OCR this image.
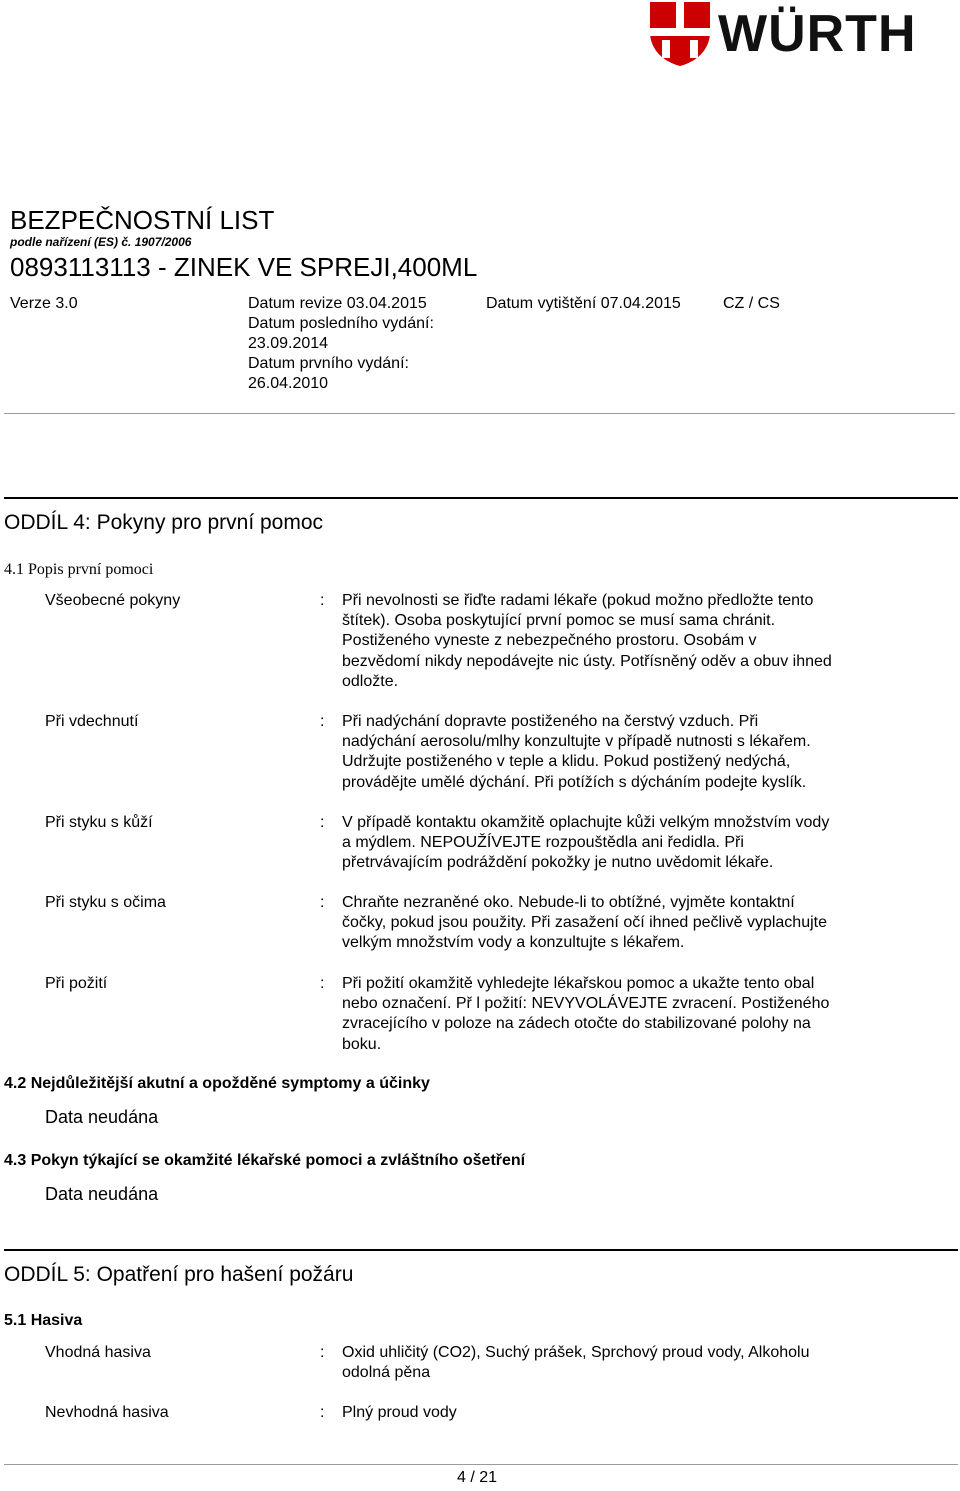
WÜRTH
BEZPEČNOSTNÍ LIST
podle nařízení (ES) č. 1907/2006
0893113113 - ZINEK VE SPREJI,400ML
Verze 3.0	Datum revize 03.04.2015
Datum posledního vydání:
23.09.2014
Datum prvního vydání:
26.04.2010
Datum vytištění 07.04.2015	CZ / CS
ODDÍL 4: Pokyny pro první pomoc
4.1 Popis první pomoci
Všeobecné pokyny	: Při nevolnosti se řiďte radami lékaře (pokud možno předložte tento
štítek). Osoba poskytující první pomoc se musí sama chránit.
Postiženého vyneste z nebezpečného prostoru. Osobám v
bezvědomí nikdy nepodávejte nic ústy. Potřísněný oděv a obuv ihned
odložte.
Při vdechnutí	: Při nadýchání dopravte postiženého na čerstvý vzduch. Při
nadýchání aerosolu/mlhy konzultujte v případě nutnosti s lékařem.
Udržujte postiženého v teple a klidu. Pokud postižený nedýchá,
provádějte umělé dýchání. Při potížích s dýcháním podejte kyslík.
Při styku s kůží	: V případě kontaktu okamžitě oplachujte kůži velkým množstvím vody
a mýdlem. NEPOUŽÍVEJTE rozpouštědla ani ředidla. Při
přetrvávajícím podráždění pokožky je nutno uvědomit lékaře.
Při styku s očima	: Chraňte nezraněné oko. Nebude-li to obtížné, vyjměte kontaktní
čočky, pokud jsou použity. Při zasažení očí ihned pečlivě vyplachujte
velkým množstvím vody a konzultujte s lékařem.
Při požití	: Při požití okamžitě vyhledejte lékařskou pomoc a ukažte tento obal
nebo označení. Př l požití: NEVYVOLÁVEJTE zvracení. Postiženého
zvracejícího v poloze na zádech otočte do stabilizované polohy na
boku.
4.2 Nejdůležitější akutní a opožděné symptomy a účinky
Data neudána
4.3 Pokyn týkající se okamžité lékařské pomoci a zvláštního ošetření
Data neudána
ODDÍL 5: Opatření pro hašení požáru
5.1 Hasiva
Vhodná hasiva	: Oxid uhličitý (CO2), Suchý prášek, Sprchový proud vody, Alkoholu
odolná pěna
Nevhodná hasiva	: Plný proud vody
4 / 21
